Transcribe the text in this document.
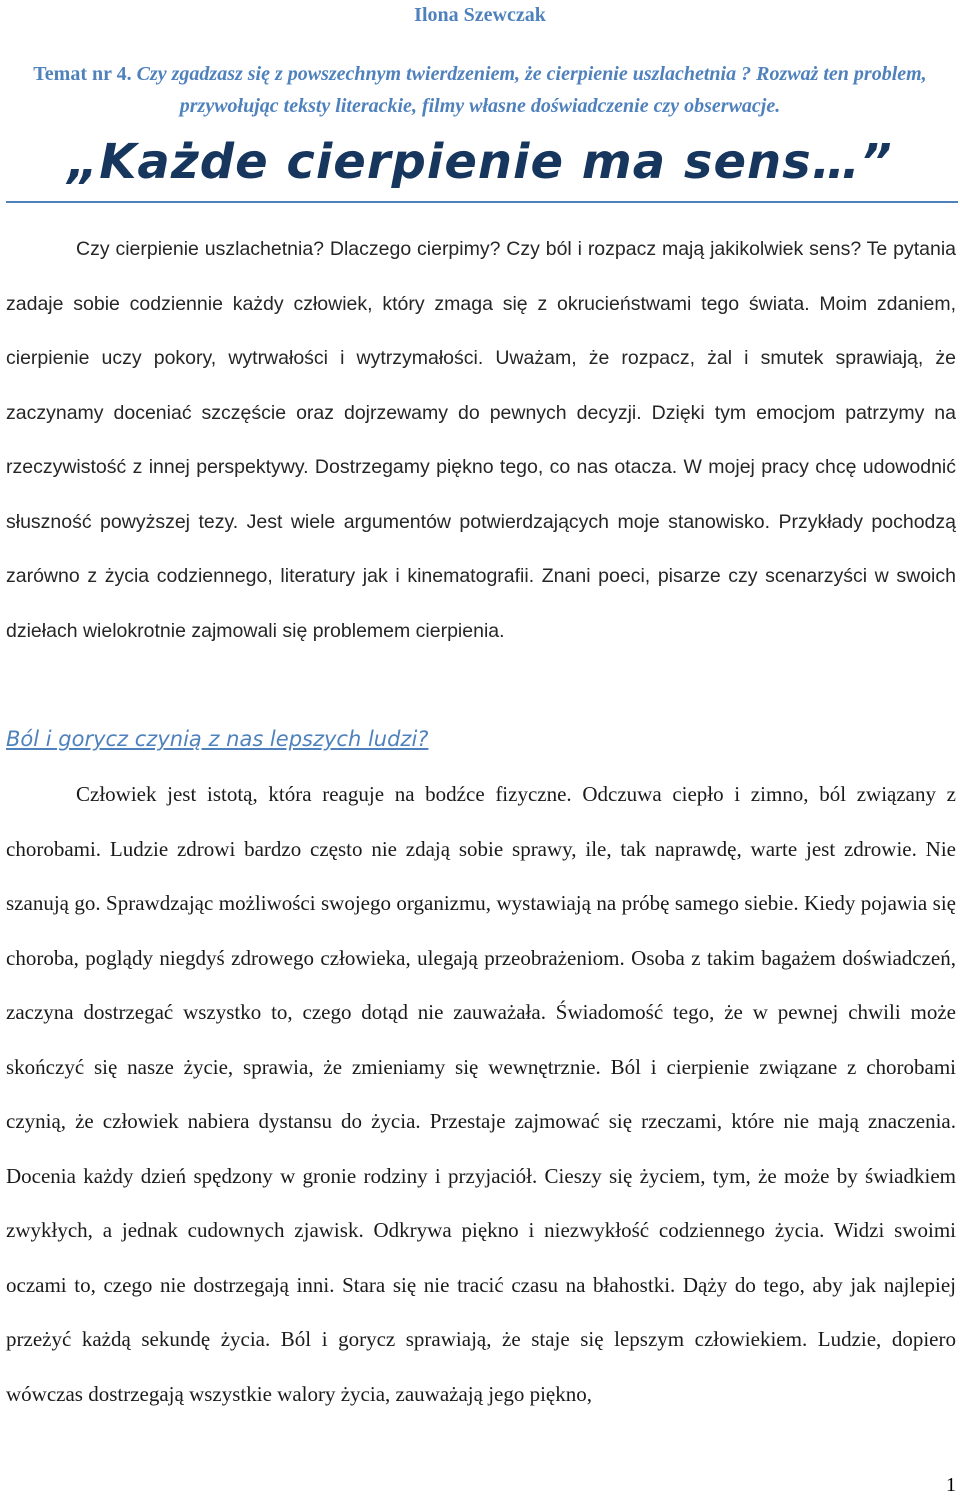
Ilona Szewczak
Temat nr 4. Czy zgadzasz się z powszechnym twierdzeniem, że cierpienie uszlachetnia ? Rozważ ten problem, przywołując teksty literackie, filmy własne doświadczenie czy obserwacje.
„Każde cierpienie ma sens…”

Czy cierpienie uszlachetnia? Dlaczego cierpimy? Czy ból i rozpacz mają jakikolwiek sens? Te pytania zadaje sobie codziennie każdy człowiek, który zmaga się z okrucieństwami tego świata. Moim zdaniem, cierpienie uczy pokory, wytrwałości i wytrzymałości. Uważam, że rozpacz, żal i smutek sprawiają, że zaczynamy doceniać szczęście oraz dojrzewamy do pewnych decyzji. Dzięki tym emocjom patrzymy na rzeczywistość z innej perspektywy. Dostrzegamy piękno tego, co nas otacza. W mojej pracy chcę udowodnić słuszność powyższej tezy. Jest wiele argumentów potwierdzających moje stanowisko. Przykłady pochodzą zarówno z życia codziennego, literatury jak i kinematografii. Znani poeci, pisarze czy scenarzyści w swoich dziełach wielokrotnie zajmowali się problemem cierpienia.

Ból i gorycz czynią z nas lepszych ludzi?

Człowiek jest istotą, która reaguje na bodźce fizyczne. Odczuwa ciepło i zimno, ból związany z chorobami. Ludzie zdrowi bardzo często nie zdają sobie sprawy, ile, tak naprawdę, warte jest zdrowie. Nie szanują go. Sprawdzając możliwości swojego organizmu, wystawiają na próbę samego siebie. Kiedy pojawia się choroba, poglądy niegdyś zdrowego człowieka, ulegają przeobrażeniom. Osoba z takim bagażem doświadczeń, zaczyna dostrzegać wszystko to, czego dotąd nie zauważała. Świadomość tego, że w pewnej chwili może skończyć się nasze życie, sprawia, że zmieniamy się wewnętrznie. Ból i cierpienie związane z chorobami czynią, że człowiek nabiera dystansu do życia. Przestaje zajmować się rzeczami, które nie mają znaczenia. Docenia każdy dzień spędzony w gronie rodziny i przyjaciół. Cieszy się życiem, tym, że może by świadkiem zwykłych, a jednak cudownych zjawisk. Odkrywa piękno i niezwykłość codziennego życia. Widzi swoimi oczami to, czego nie dostrzegają inni. Stara się nie tracić czasu na błahostki. Dąży do tego, aby jak najlepiej przeżyć każdą sekundę życia. Ból i gorycz sprawiają, że staje się lepszym człowiekiem. Ludzie, dopiero wówczas dostrzegają wszystkie walory życia, zauważają jego piękno,

1
